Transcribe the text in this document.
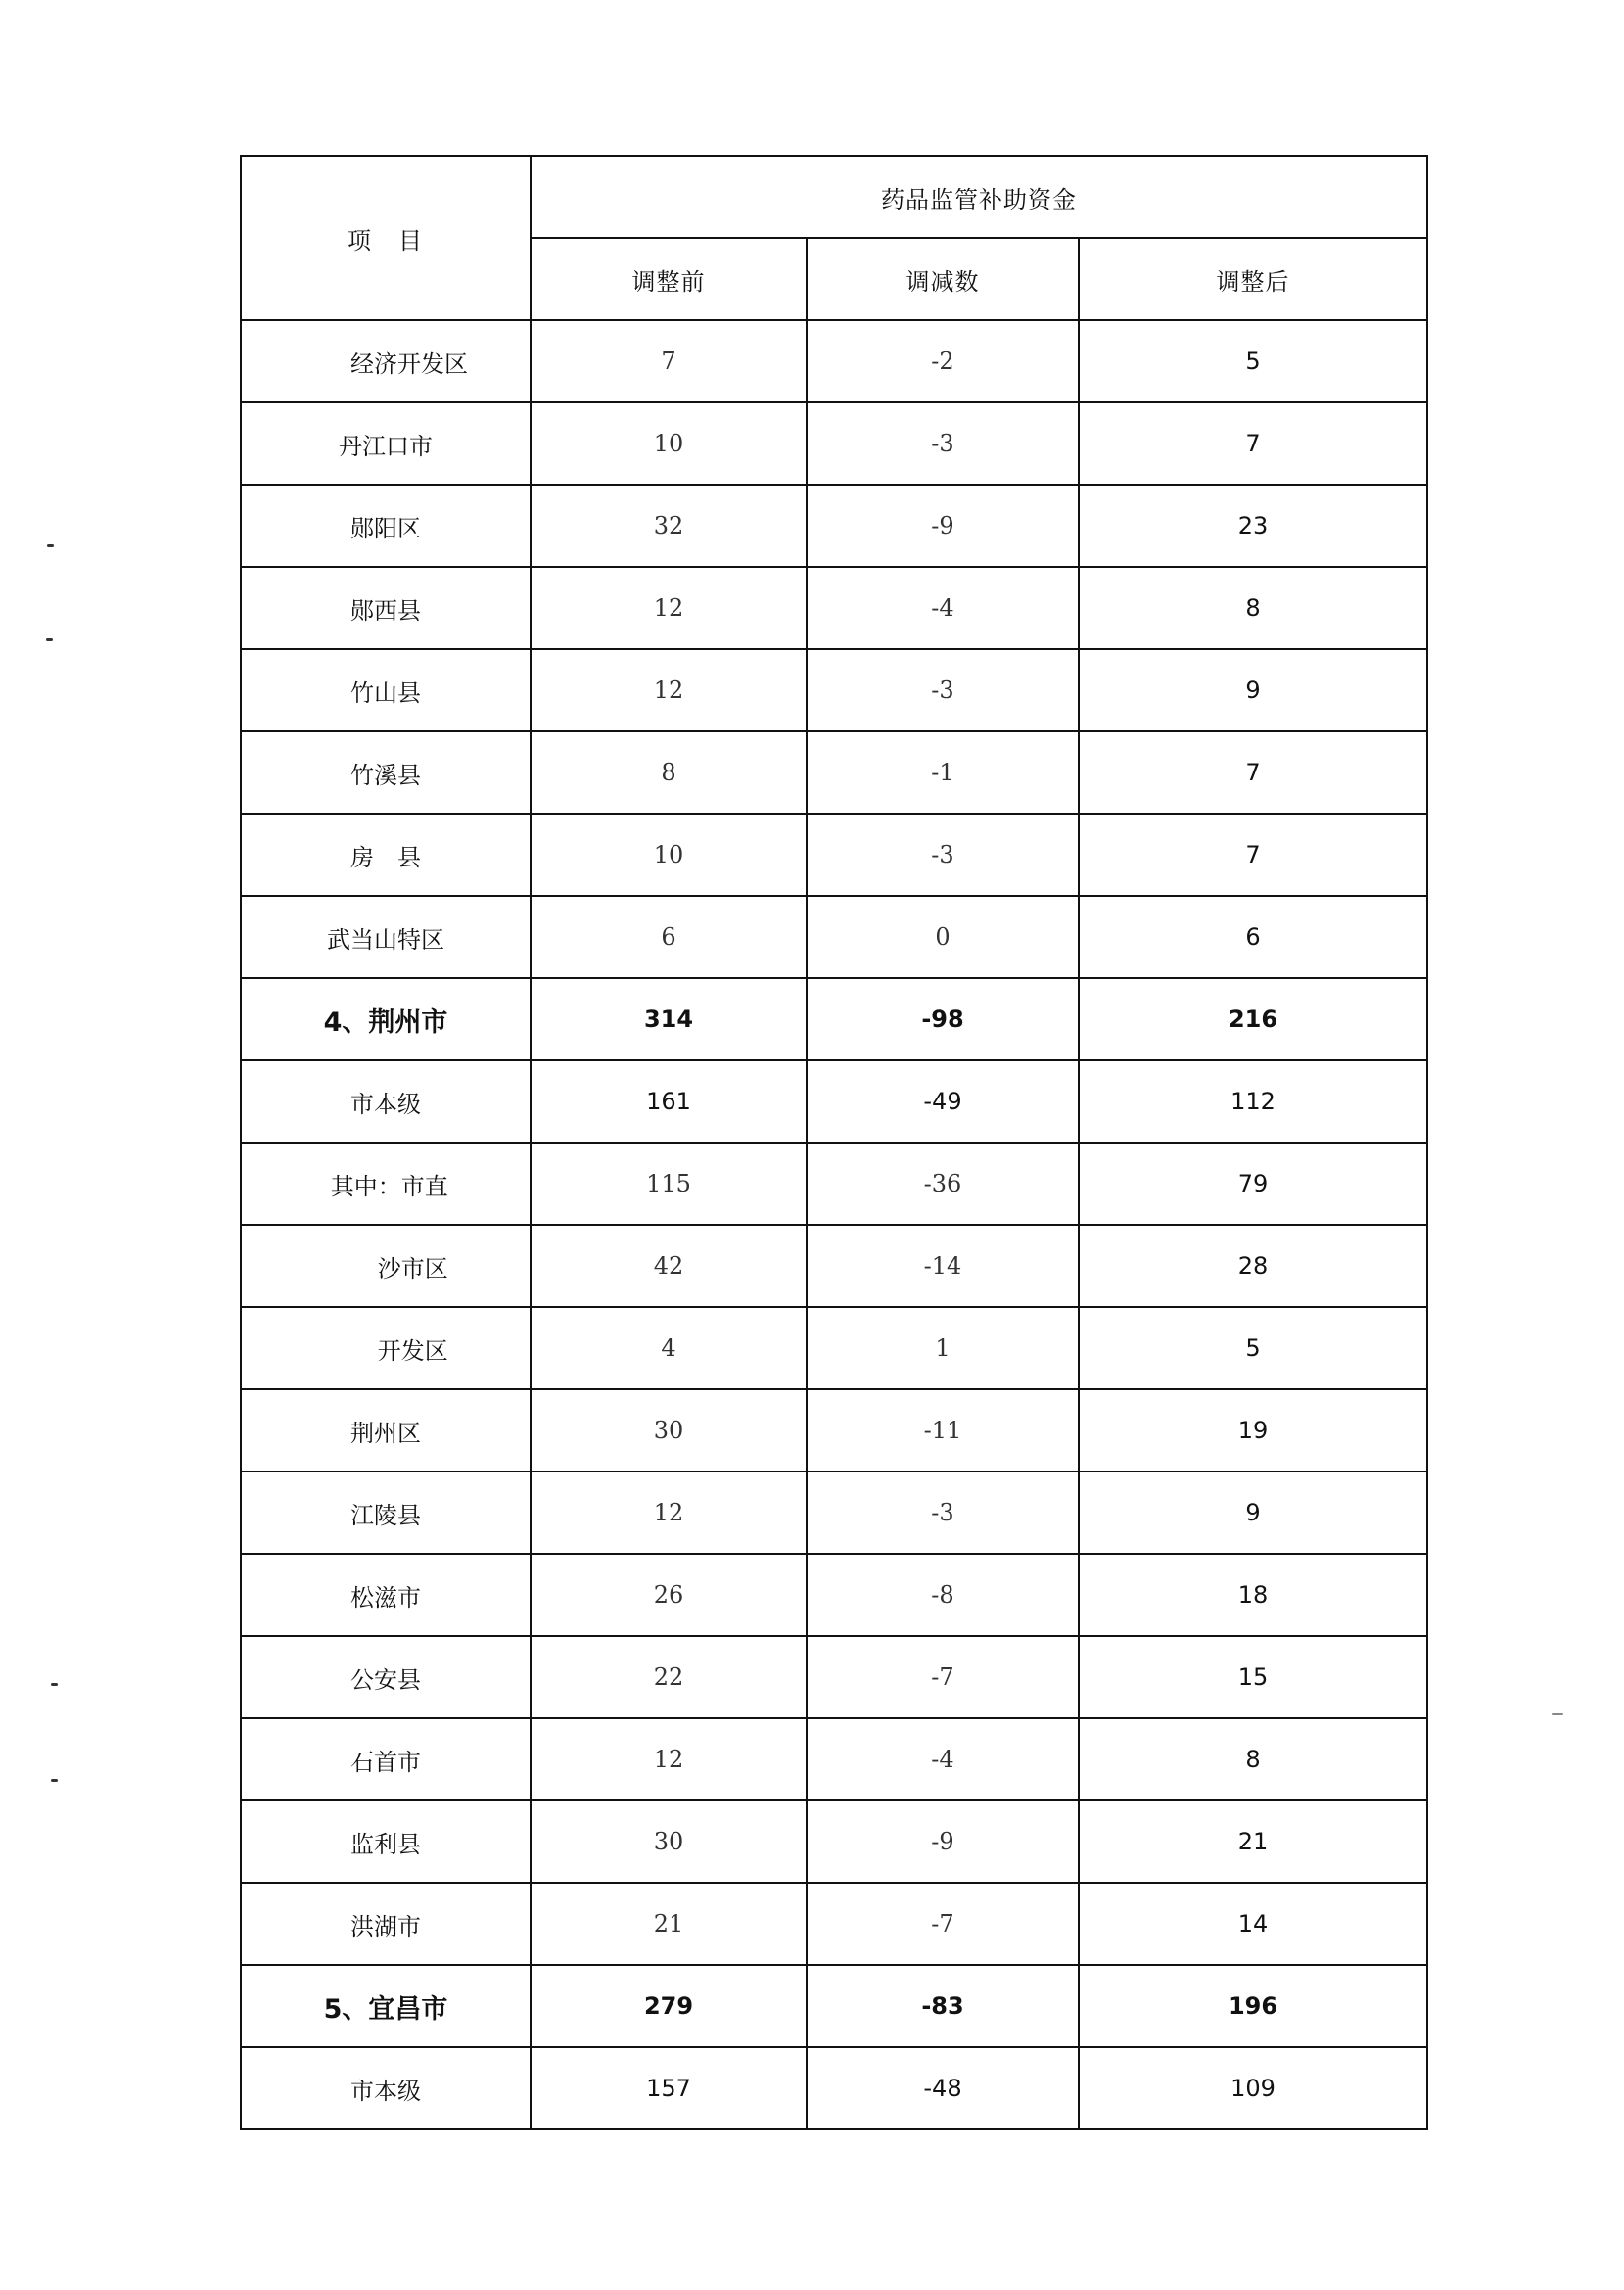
项　目	药品监管补助资金		
	调整前	调减数	调整后
　　经济开发区	7	-2	5
丹江口市	10	-3	7
郧阳区	32	-9	23
郧西县	12	-4	8
竹山县	12	-3	9
竹溪县	8	-1	7
房　县	10	-3	7
武当山特区	6	0	6
4、荆州市	314	-98	216
市本级	161	-49	112
其中：市直	115	-36	79
　　 沙市区	42	-14	28
　　 开发区	4	1	5
荆州区	30	-11	19
江陵县	12	-3	9
松滋市	26	-8	18
公安县	22	-7	15
石首市	12	-4	8
监利县	30	-9	21
洪湖市	21	-7	14
5、宜昌市	279	-83	196
市本级	157	-48	109
